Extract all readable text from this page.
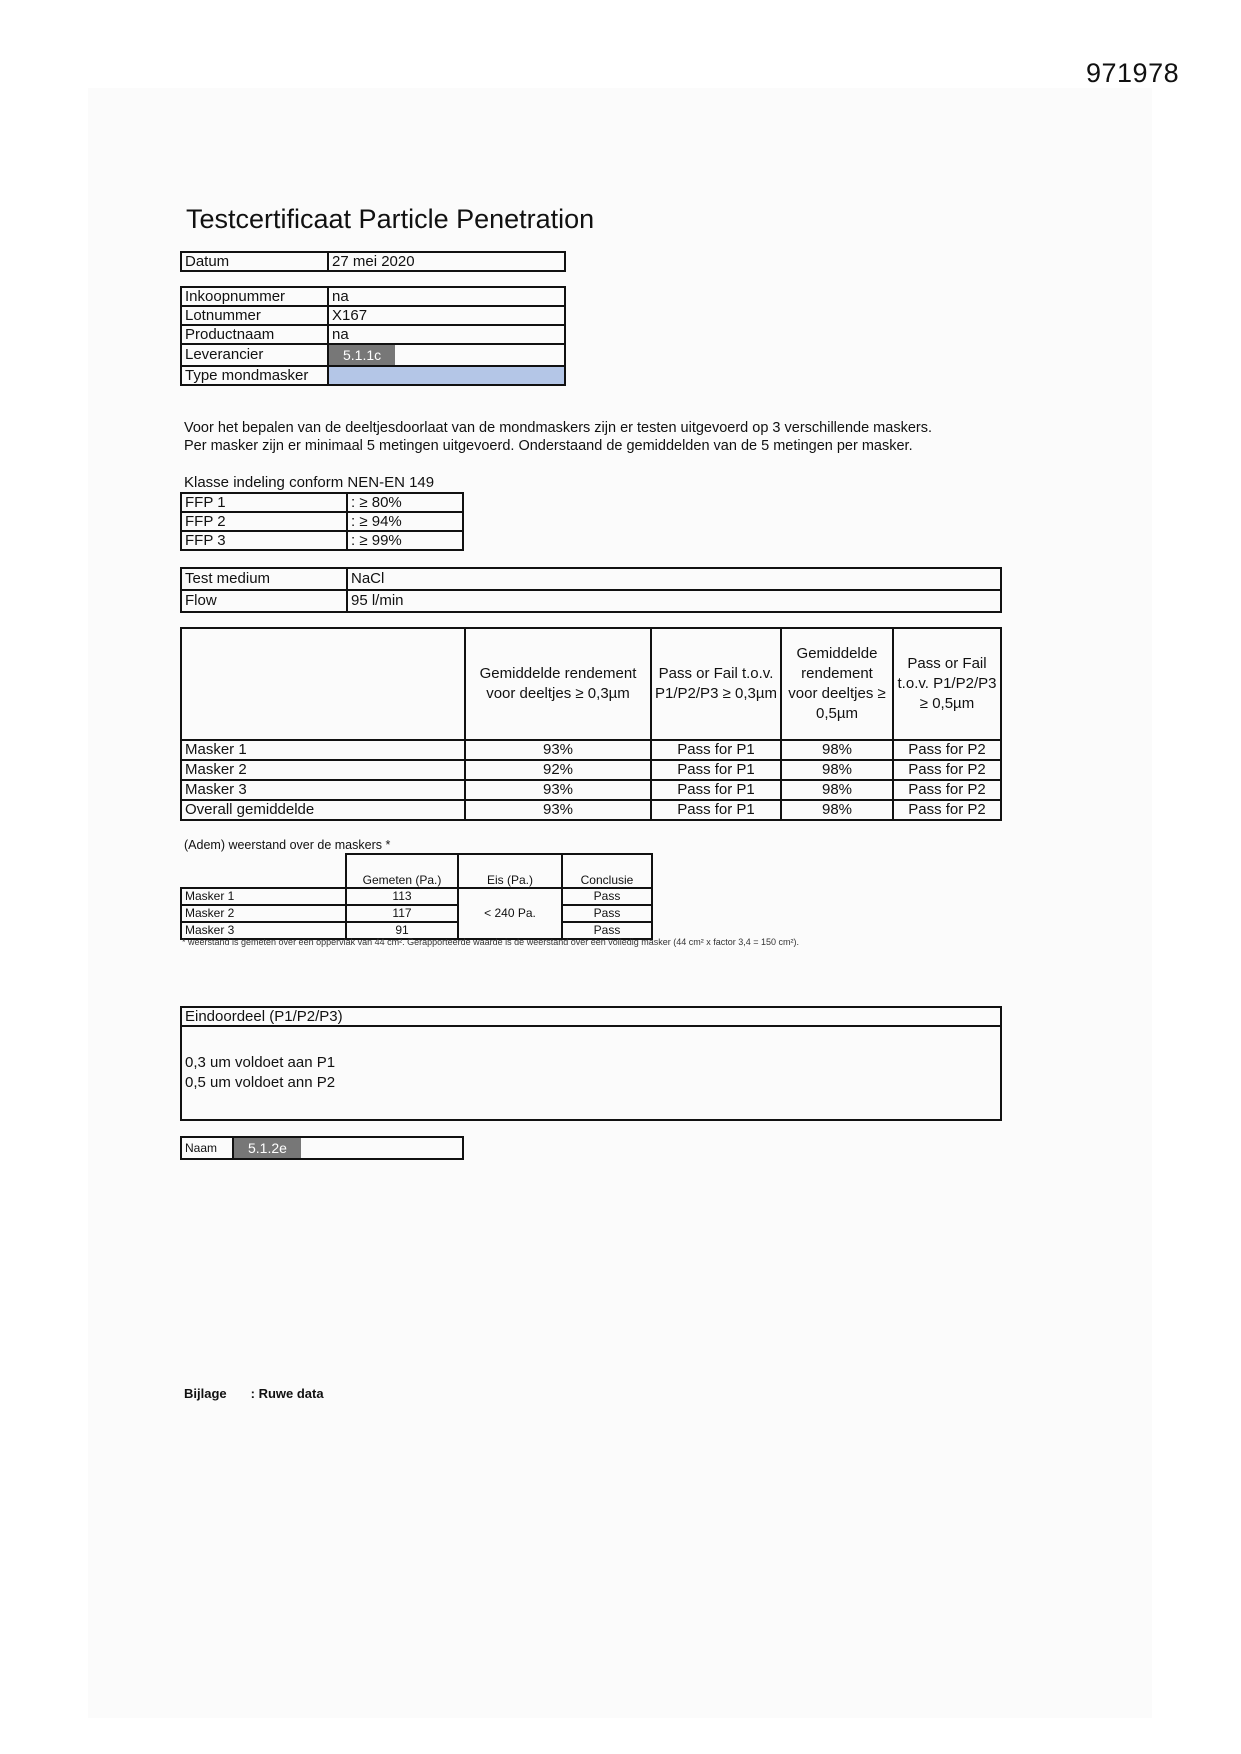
971978
Testcertificaat Particle Penetration
Datum	27 mei 2020
Inkoopnummer	na
Lotnummer	X167
Productnaam	na
Leverancier	5.1.1c
Type mondmasker	
Voor het bepalen van de deeltjesdoorlaat van de mondmaskers zijn er testen uitgevoerd op 3 verschillende maskers.
Per masker zijn er minimaal 5 metingen uitgevoerd. Onderstaand de gemiddelden van de 5 metingen per masker.
Klasse indeling conform NEN-EN 149
FFP 1	: ≥ 80%
FFP 2	: ≥ 94%
FFP 3	: ≥ 99%
Test medium	NaCl
Flow	95 l/min
	Gemiddelde rendement voor deeltjes ≥ 0,3µm	Pass or Fail t.o.v. P1/P2/P3 ≥ 0,3µm	Gemiddelde rendement voor deeltjes ≥ 0,5µm	Pass or Fail t.o.v. P1/P2/P3 ≥ 0,5µm
Masker 1	93%	Pass for P1	98%	Pass for P2
Masker 2	92%	Pass for P1	98%	Pass for P2
Masker 3	93%	Pass for P1	98%	Pass for P2
Overall gemiddelde	93%	Pass for P1	98%	Pass for P2
(Adem) weerstand over de maskers *
	Gemeten (Pa.)	Eis (Pa.)	Conclusie
Masker 1	113	< 240 Pa.	Pass
Masker 2	117		Pass
Masker 3	91		Pass
* weerstand is gemeten over een oppervlak van 44 cm². Gerapporteerde waarde is de weerstand over een volledig masker (44 cm² x factor 3,4 = 150 cm²).
Eindoordeel (P1/P2/P3)

0,3 um voldoet aan P1
0,5 um voldoet ann P2
Naam	5.1.2e
Bijlage : Ruwe data
